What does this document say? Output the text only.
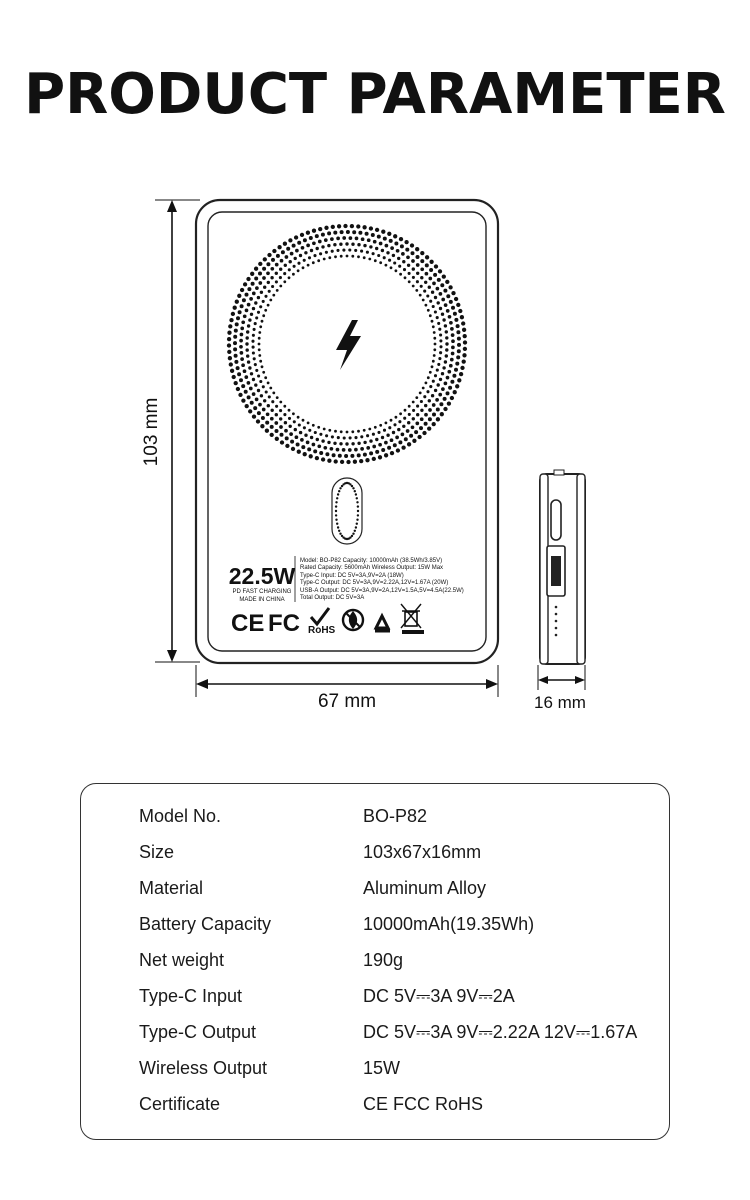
PRODUCT PARAMETER
103 mm
67 mm	16 mm
22.5W
PD FAST CHARGING
MADE IN CHINA
Model: BO-P82 Capacity: 10000mAh (38.5Wh/3.85V)
Rated Capacity: 5600mAh Wireless Output: 15W Max
Type-C Input: DC 5V=3A,9V=2A (18W)
Type-C Output: DC 5V=3A,9V=2.22A,12V=1.67A (20W)
USB-A Output: DC 5V=3A,9V=2A,12V=1.5A,5V=4.5A(22.5W)
Total Output: DC 5V=3A
CE FC RoHS
Model No.	BO-P82
Size	103x67x16mm
Material	Aluminum Alloy
Battery Capacity	10000mAh(19.35Wh)
Net weight	190g
Type-C Input	DC 5V⎓3A 9V⎓2A
Type-C Output	DC 5V⎓3A 9V⎓2.22A 12V⎓1.67A
Wireless Output	15W
Certificate	CE FCC RoHS
